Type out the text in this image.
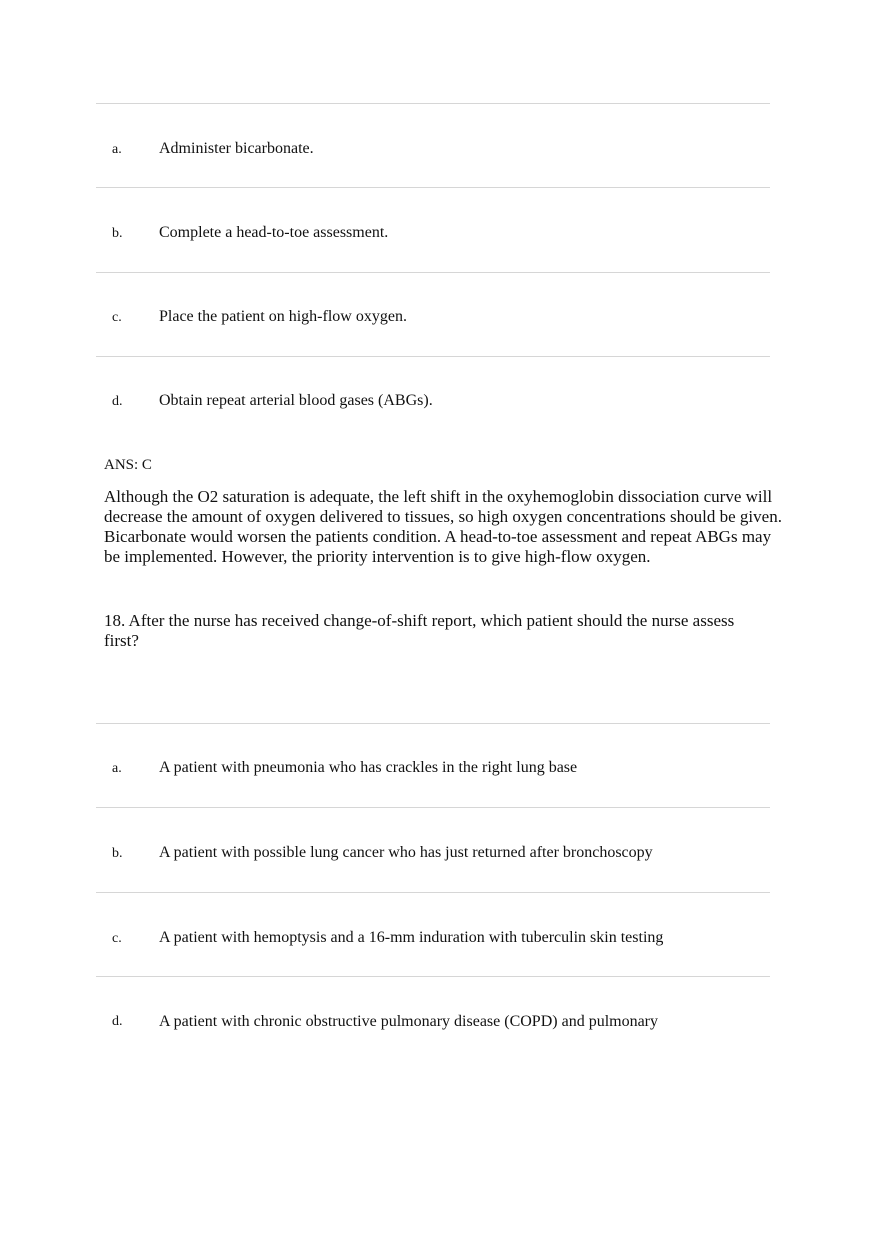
a. Administer bicarbonate.
b. Complete a head-to-toe assessment.
c. Place the patient on high-flow oxygen.
d. Obtain repeat arterial blood gases (ABGs).
ANS: C
Although the O2 saturation is adequate, the left shift in the oxyhemoglobin dissociation curve will decrease the amount of oxygen delivered to tissues, so high oxygen concentrations should be given. Bicarbonate would worsen the patients condition. A head-to-toe assessment and repeat ABGs may be implemented. However, the priority intervention is to give high-flow oxygen.
18. After the nurse has received change-of-shift report, which patient should the nurse assess first?
a. A patient with pneumonia who has crackles in the right lung base
b. A patient with possible lung cancer who has just returned after bronchoscopy
c. A patient with hemoptysis and a 16-mm induration with tuberculin skin testing
d. A patient with chronic obstructive pulmonary disease (COPD) and pulmonary
